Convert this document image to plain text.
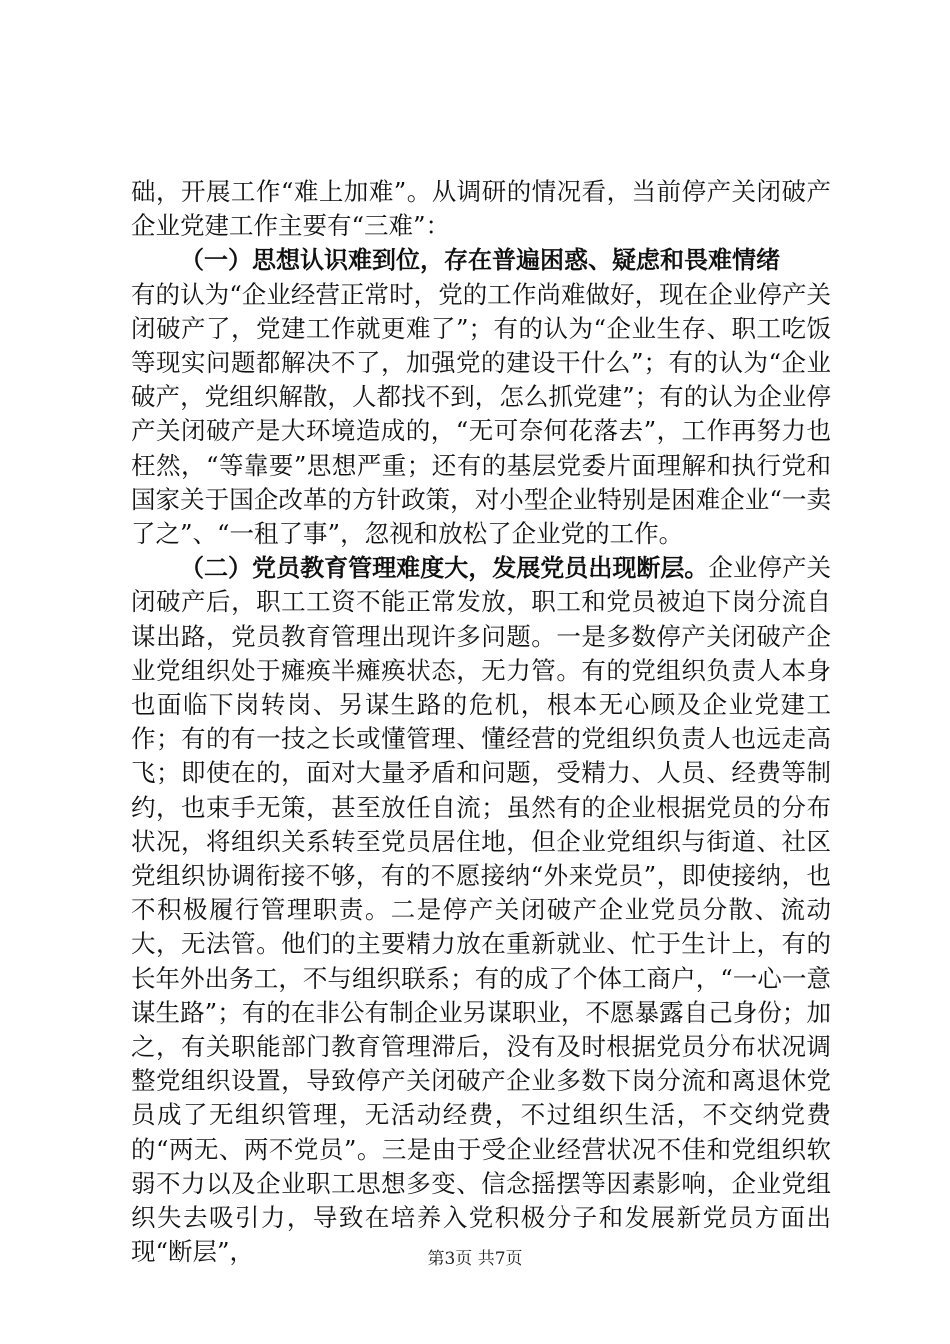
础，开展工作“难上加难”。从调研的情况看，当前停产关闭破产企业党建工作主要有“三难”：

（一）思想认识难到位，存在普遍困惑、疑虑和畏难情绪

有的认为“企业经营正常时，党的工作尚难做好，现在企业停产关闭破产了，党建工作就更难了”；有的认为“企业生存、职工吃饭等现实问题都解决不了，加强党的建设干什么”；有的认为“企业破产，党组织解散，人都找不到，怎么抓党建”；有的认为企业停产关闭破产是大环境造成的，“无可奈何花落去”，工作再努力也枉然，“等靠要”思想严重；还有的基层党委片面理解和执行党和国家关于国企改革的方针政策，对小型企业特别是困难企业“一卖了之”、“一租了事”，忽视和放松了企业党的工作。

（二）党员教育管理难度大，发展党员出现断层。企业停产关闭破产后，职工工资不能正常发放，职工和党员被迫下岗分流自谋出路，党员教育管理出现许多问题。一是多数停产关闭破产企业党组织处于瘫痪半瘫痪状态，无力管。有的党组织负责人本身也面临下岗转岗、另谋生路的危机，根本无心顾及企业党建工作；有的有一技之长或懂管理、懂经营的党组织负责人也远走高飞；即使在的，面对大量矛盾和问题，受精力、人员、经费等制约，也束手无策，甚至放任自流；虽然有的企业根据党员的分布状况，将组织关系转至党员居住地，但企业党组织与街道、社区党组织协调衔接不够，有的不愿接纳“外来党员”，即使接纳，也不积极履行管理职责。二是停产关闭破产企业党员分散、流动大，无法管。他们的主要精力放在重新就业、忙于生计上，有的长年外出务工，不与组织联系；有的成了个体工商户，“一心一意谋生路”；有的在非公有制企业另谋职业，不愿暴露自己身份；加之，有关职能部门教育管理滞后，没有及时根据党员分布状况调整党组织设置，导致停产关闭破产企业多数下岗分流和离退休党员成了无组织管理，无活动经费，不过组织生活，不交纳党费的“两无、两不党员”。三是由于受企业经营状况不佳和党组织软弱不力以及企业职工思想多变、信念摇摆等因素影响，企业党组织失去吸引力，导致在培养入党积极分子和发展新党员方面出现“断层”，	第3页 共7页
